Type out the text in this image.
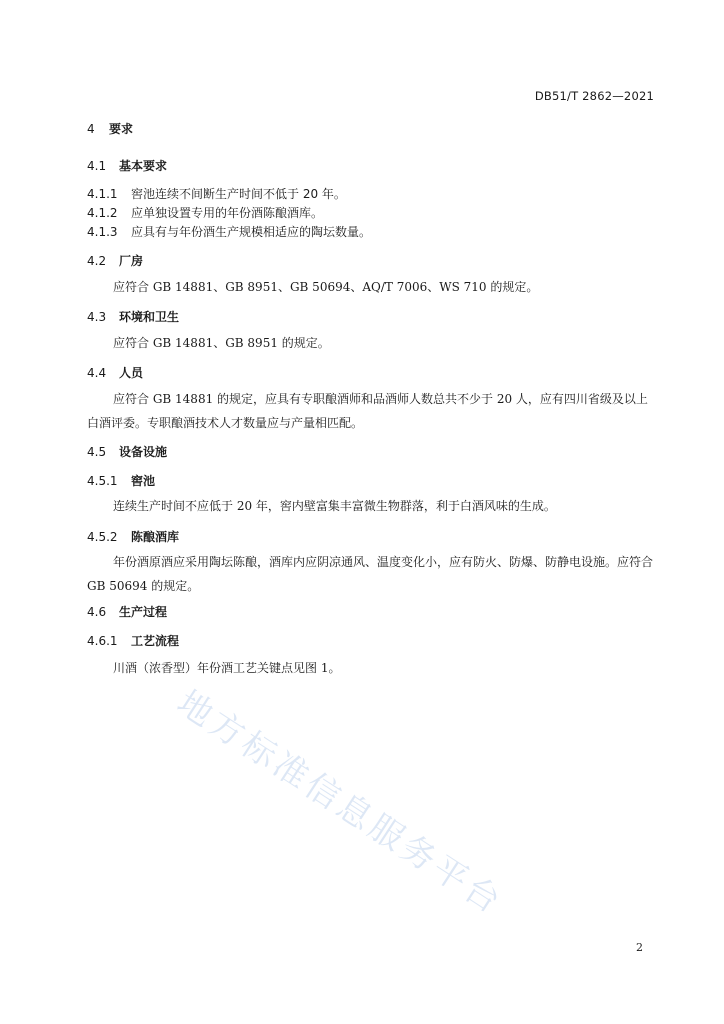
DB51/T 2862—2021
4 要求
4.1 基本要求
4.1.1 窖池连续不间断生产时间不低于 20 年。
4.1.2 应单独设置专用的年份酒陈酿酒库。
4.1.3 应具有与年份酒生产规模相适应的陶坛数量。
4.2 厂房
应符合 GB 14881、GB 8951、GB 50694、AQ/T 7006、WS 710 的规定。
4.3 环境和卫生
应符合 GB 14881、GB 8951 的规定。
4.4 人员
应符合 GB 14881 的规定，应具有专职酿酒师和品酒师人数总共不少于 20 人，应有四川省级及以上白酒评委。专职酿酒技术人才数量应与产量相匹配。
4.5 设备设施
4.5.1 窖池
连续生产时间不应低于 20 年，窖内壁富集丰富微生物群落，利于白酒风味的生成。
4.5.2 陈酿酒库
年份酒原酒应采用陶坛陈酿，酒库内应阴凉通风、温度变化小，应有防火、防爆、防静电设施。应符合 GB 50694 的规定。
4.6 生产过程
4.6.1 工艺流程
川酒（浓香型）年份酒工艺关键点见图 1。
地方标准信息服务平台
2
